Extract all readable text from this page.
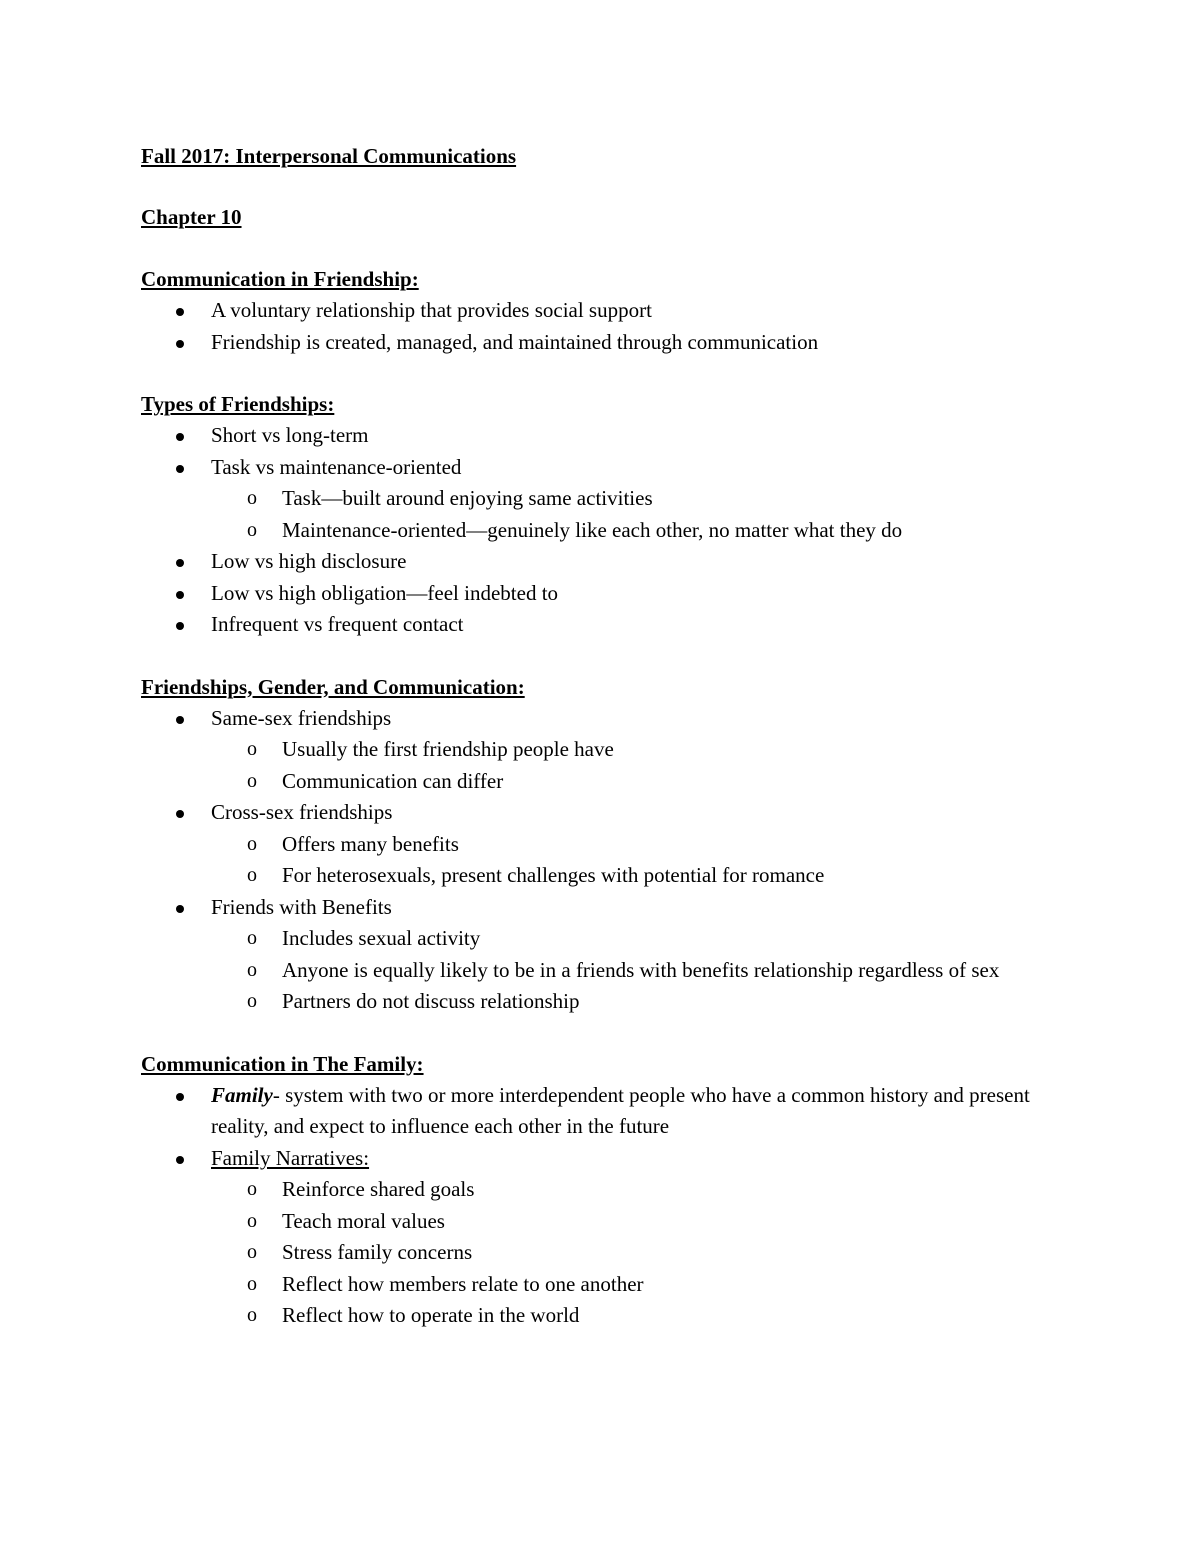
Fall 2017: Interpersonal Communications

Chapter 10

Communication in Friendship:

A voluntary relationship that provides social support
Friendship is created, managed, and maintained through communication

Types of Friendships:

Short vs long-term
Task vs maintenance-oriented
o Task—built around enjoying same activities
o Maintenance-oriented—genuinely like each other, no matter what they do
Low vs high disclosure
Low vs high obligation—feel indebted to
Infrequent vs frequent contact

Friendships, Gender, and Communication:

Same-sex friendships
o Usually the first friendship people have
o Communication can differ
Cross-sex friendships
o Offers many benefits
o For heterosexuals, present challenges with potential for romance
Friends with Benefits
o Includes sexual activity
o Anyone is equally likely to be in a friends with benefits relationship regardless of sex
o Partners do not discuss relationship

Communication in The Family:

Family- system with two or more interdependent people who have a common history and present reality, and expect to influence each other in the future
Family Narratives:
o Reinforce shared goals
o Teach moral values
o Stress family concerns
o Reflect how members relate to one another
o Reflect how to operate in the world
